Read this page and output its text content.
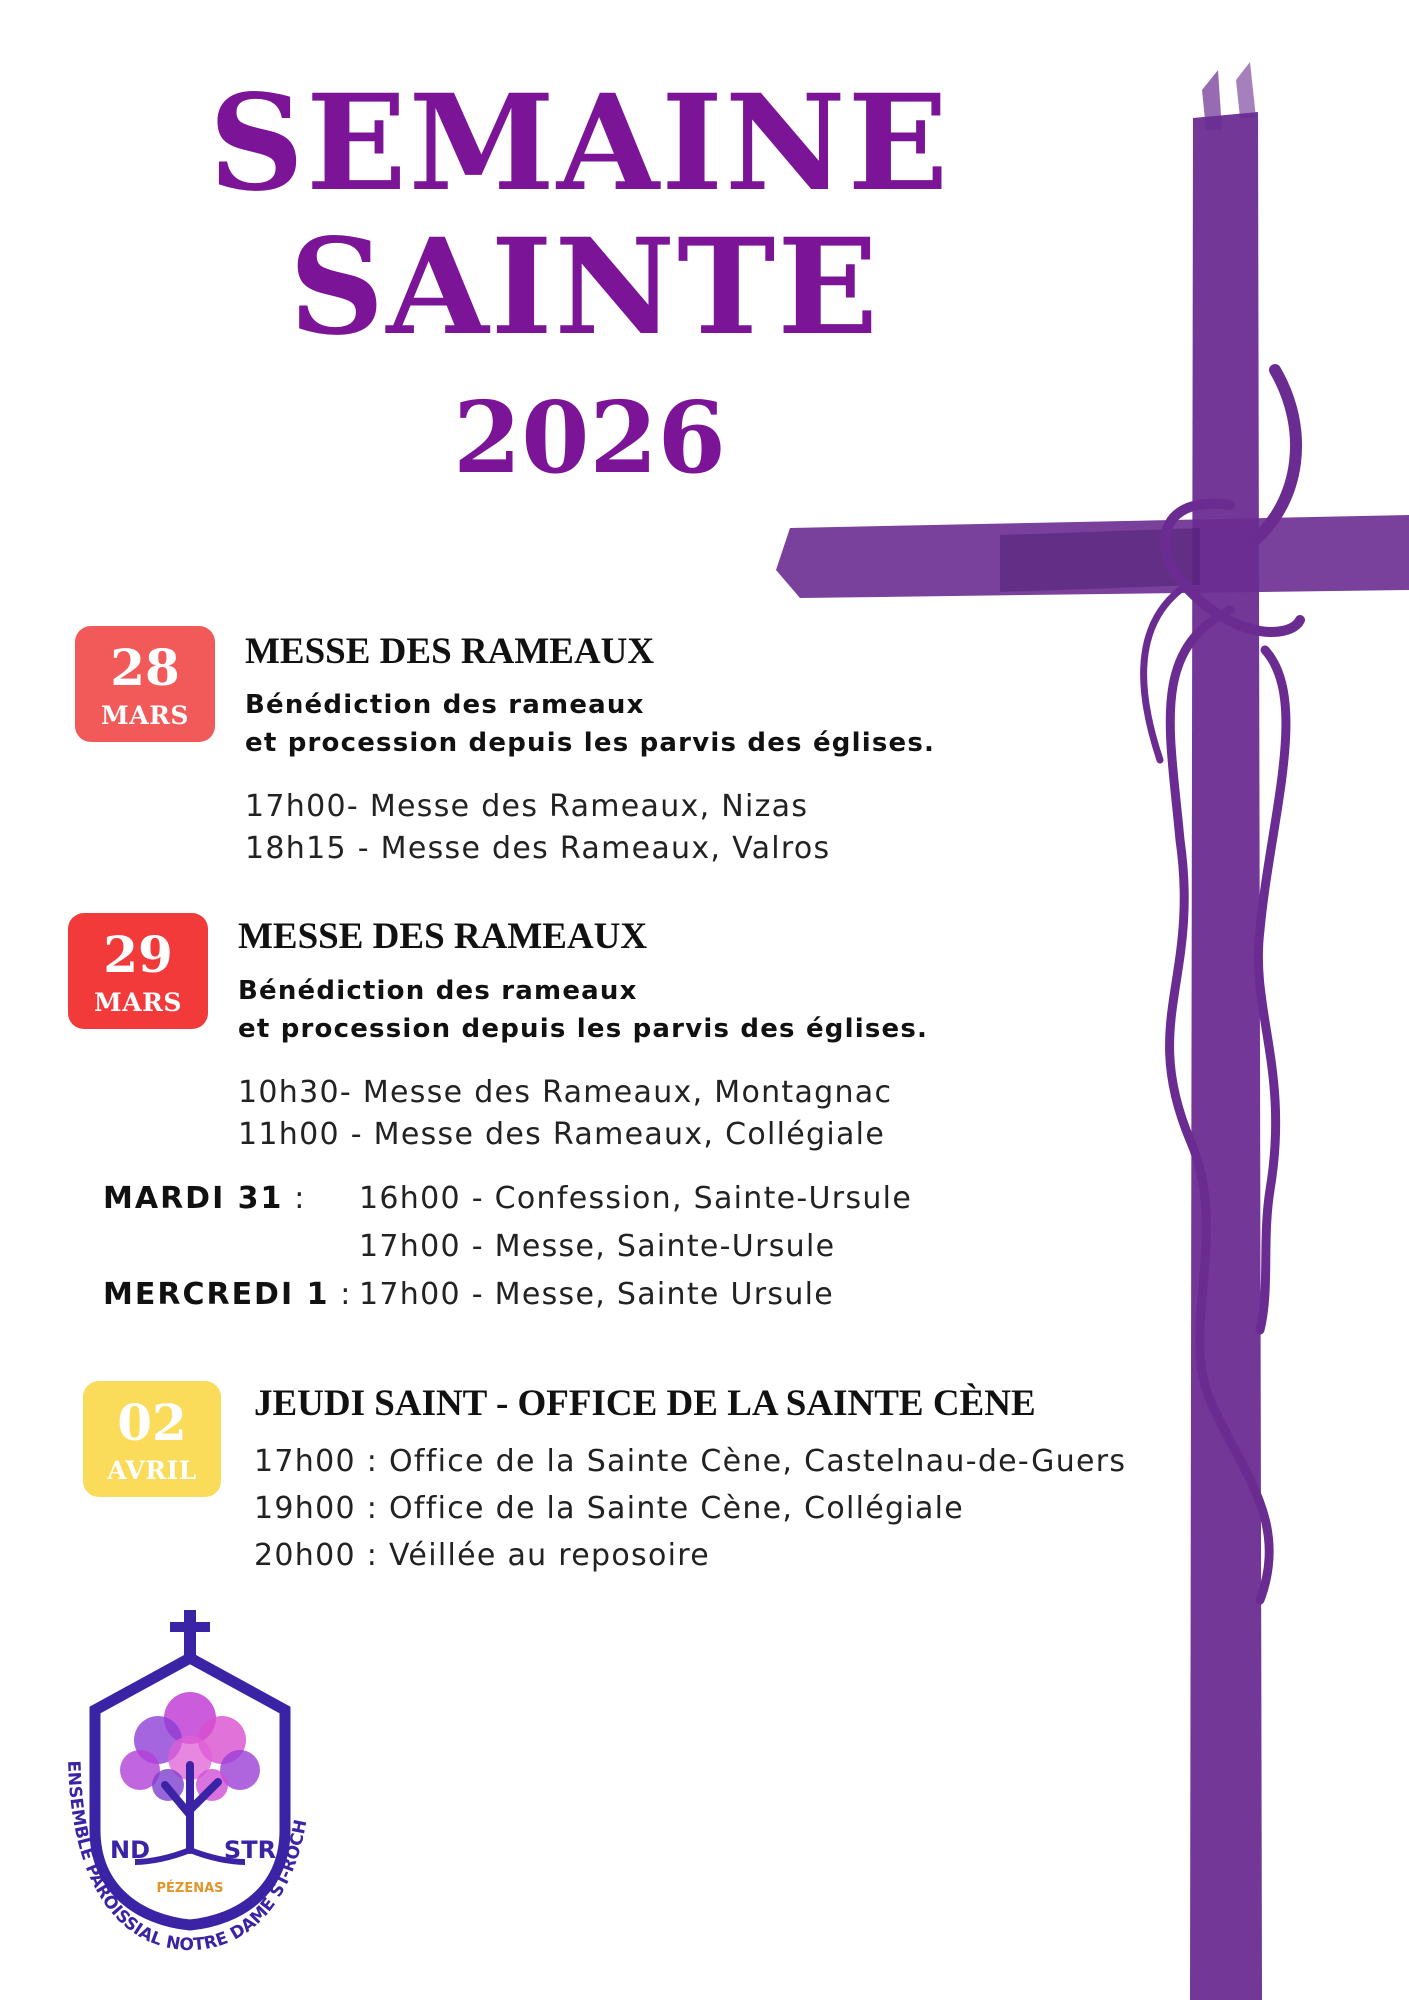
SEMAINE
SAINTE
2026
28
MARS
MESSE DES RAMEAUX
Bénédiction des rameaux
et procession depuis les parvis des églises.
17h00- Messe des Rameaux, Nizas
18h15 - Messe des Rameaux, Valros
29
MARS
MESSE DES RAMEAUX
Bénédiction des rameaux
et procession depuis les parvis des églises.
10h30- Messe des Rameaux, Montagnac
11h00 - Messe des Rameaux, Collégiale
MARDI 31 : 16h00 - Confession, Sainte-Ursule
17h00 - Messe, Sainte-Ursule
MERCREDI 1 : 17h00 - Messe, Sainte Ursule
02
AVRIL
JEUDI SAINT - OFFICE DE LA SAINTE CÈNE
17h00 : Office de la Sainte Cène, Castelnau-de-Guers
19h00 : Office de la Sainte Cène, Collégiale
20h00 : Véillée au reposoire
ND	STR
PÉZENAS
ENSEMBLE PAROISSIAL NOTRE DAME ST-ROCH
